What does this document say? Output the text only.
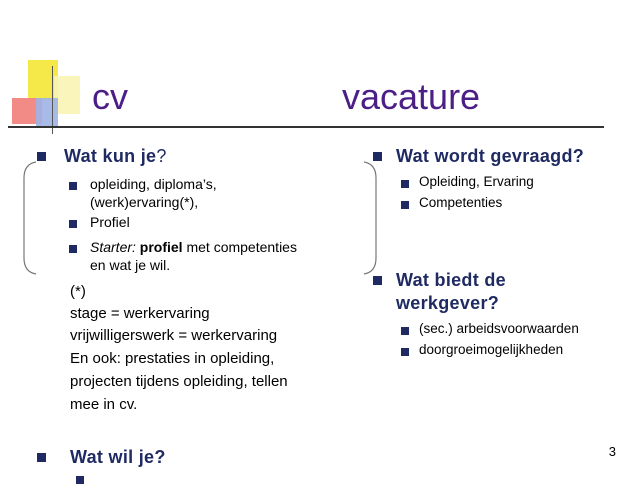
cv	vacature
Wat kun je?
opleiding, diploma’s,
(werk)ervaring(*),
Profiel
Starter: profiel met competenties
en wat je wil.
(*)
stage = werkervaring
vrijwilligerswerk = werkervaring
En ook: prestaties in opleiding,
projecten tijdens opleiding, tellen
mee in cv.
Wat wil je?
Wat wordt gevraagd?
Opleiding, Ervaring
Competenties
Wat biedt de
werkgever?
(sec.) arbeidsvoorwaarden
doorgroeimogelijkheden
3
